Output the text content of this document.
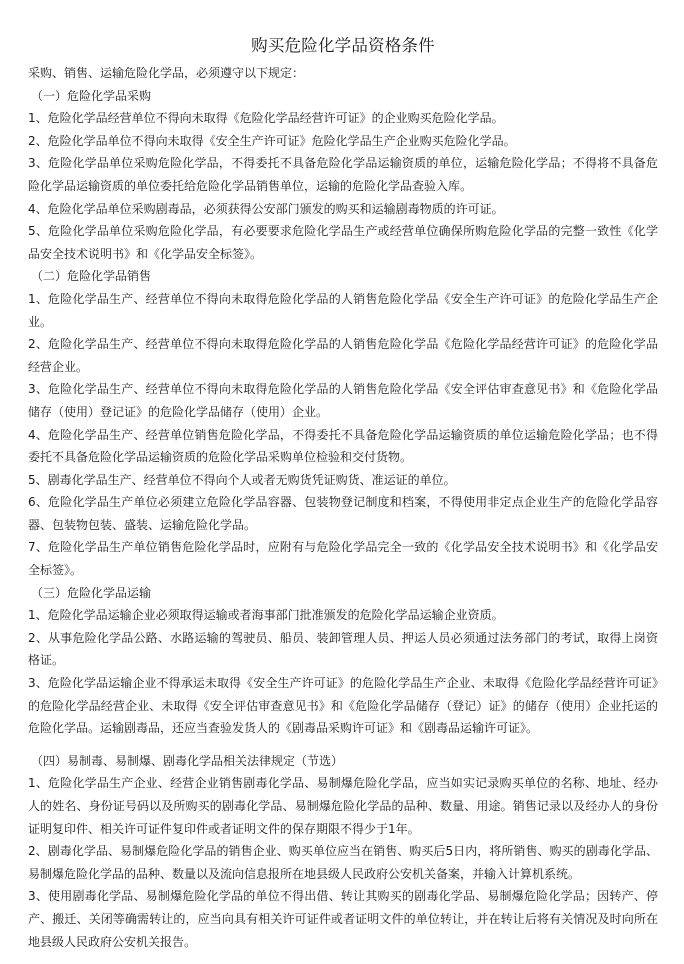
购买危险化学品资格条件

采购、销售、运输危险化学品，必须遵守以下规定：

（一）危险化学品采购

1、危险化学品经营单位不得向未取得《危险化学品经营许可证》的企业购买危险化学品。

2、危险化学品单位不得向未取得《安全生产许可证》危险化学品生产企业购买危险化学品。

3、危险化学品单位采购危险化学品，不得委托不具备危险化学品运输资质的单位，运输危险化学品；不得将不具备危险化学品运输资质的单位委托给危险化学品销售单位，运输的危险化学品查验入库。

4、危险化学品单位采购剧毒品，必须获得公安部门颁发的购买和运输剧毒物质的许可证。

5、危险化学品单位采购危险化学品，有必要要求危险化学品生产或经营单位确保所购危险化学品的完整一致性《化学品安全技术说明书》和《化学品安全标签》。

（二）危险化学品销售

1、危险化学品生产、经营单位不得向未取得危险化学品的人销售危险化学品《安全生产许可证》的危险化学品生产企业。

2、危险化学品生产、经营单位不得向未取得危险化学品的人销售危险化学品《危险化学品经营许可证》的危险化学品经营企业。

3、危险化学品生产、经营单位不得向未取得危险化学品的人销售危险化学品《安全评估审查意见书》和《危险化学品储存（使用）登记证》的危险化学品储存（使用）企业。

4、危险化学品生产、经营单位销售危险化学品，不得委托不具备危险化学品运输资质的单位运输危险化学品；也不得委托不具备危险化学品运输资质的危险化学品采购单位检验和交付货物。

5、剧毒化学品生产、经营单位不得向个人或者无购货凭证购货、准运证的单位。

6、危险化学品生产单位必须建立危险化学品容器、包装物登记制度和档案，不得使用非定点企业生产的危险化学品容器、包装物包装、盛装、运输危险化学品。

7、危险化学品生产单位销售危险化学品时，应附有与危险化学品完全一致的《化学品安全技术说明书》和《化学品安全标签》。

（三）危险化学品运输

1、危险化学品运输企业必须取得运输或者海事部门批准颁发的危险化学品运输企业资质。

2、从事危险化学品公路、水路运输的驾驶员、船员、装卸管理人员、押运人员必须通过法务部门的考试，取得上岗资格证。

3、危险化学品运输企业不得承运未取得《安全生产许可证》的危险化学品生产企业、未取得《危险化学品经营许可证》的危险化学品经营企业、未取得《安全评估审查意见书》和《危险化学品储存（登记）证》的储存（使用）企业托运的危险化学品。运输剧毒品，还应当查验发货人的《剧毒品采购许可证》和《剧毒品运输许可证》。

（四）易制毒、易制爆、剧毒化学品相关法律规定（节选）

1、危险化学品生产企业、经营企业销售剧毒化学品、易制爆危险化学品，应当如实记录购买单位的名称、地址、经办人的姓名、身份证号码以及所购买的剧毒化学品、易制爆危险化学品的品种、数量、用途。销售记录以及经办人的身份证明复印件、相关许可证件复印件或者证明文件的保存期限不得少于1年。

2、剧毒化学品、易制爆危险化学品的销售企业、购买单位应当在销售、购买后5日内，将所销售、购买的剧毒化学品、易制爆危险化学品的品种、数量以及流向信息报所在地县级人民政府公安机关备案，并输入计算机系统。

3、使用剧毒化学品、易制爆危险化学品的单位不得出借、转让其购买的剧毒化学品、易制爆危险化学品；因转产、停产、搬迁、关闭等确需转让的，应当向具有相关许可证件或者证明文件的单位转让，并在转让后将有关情况及时向所在地县级人民政府公安机关报告。
